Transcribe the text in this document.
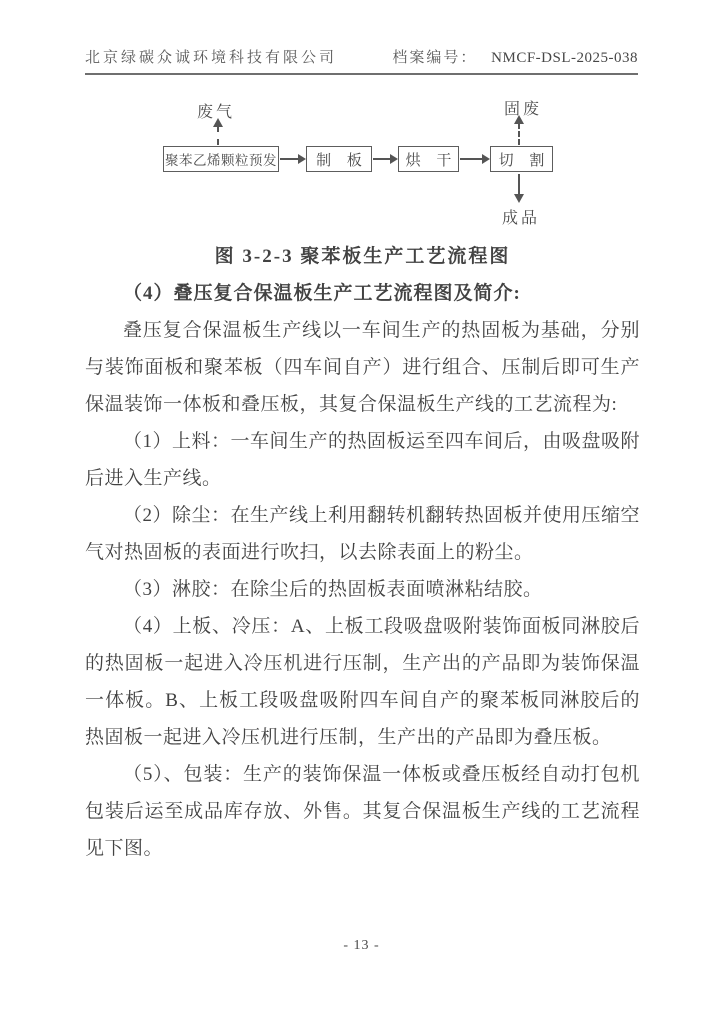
北京绿碳众诚环境科技有限公司	档案编号： NMCF-DSL-2025-038
废气	固废
成品
聚苯乙烯颗粒预发	制 板	烘 干	切 割

图 3-2-3 聚苯板生产工艺流程图

（4）叠压复合保温板生产工艺流程图及简介:

叠压复合保温板生产线以一车间生产的热固板为基础，分别与装饰面板和聚苯板（四车间自产）进行组合、压制后即可生产保温装饰一体板和叠压板，其复合保温板生产线的工艺流程为:

（1）上料：一车间生产的热固板运至四车间后，由吸盘吸附后进入生产线。

（2）除尘：在生产线上利用翻转机翻转热固板并使用压缩空气对热固板的表面进行吹扫，以去除表面上的粉尘。

（3）淋胶：在除尘后的热固板表面喷淋粘结胶。

（4）上板、冷压：A、上板工段吸盘吸附装饰面板同淋胶后的热固板一起进入冷压机进行压制，生产出的产品即为装饰保温一体板。B、上板工段吸盘吸附四车间自产的聚苯板同淋胶后的热固板一起进入冷压机进行压制，生产出的产品即为叠压板。

（5）、包装：生产的装饰保温一体板或叠压板经自动打包机包装后运至成品库存放、外售。其复合保温板生产线的工艺流程见下图。

- 13 -
